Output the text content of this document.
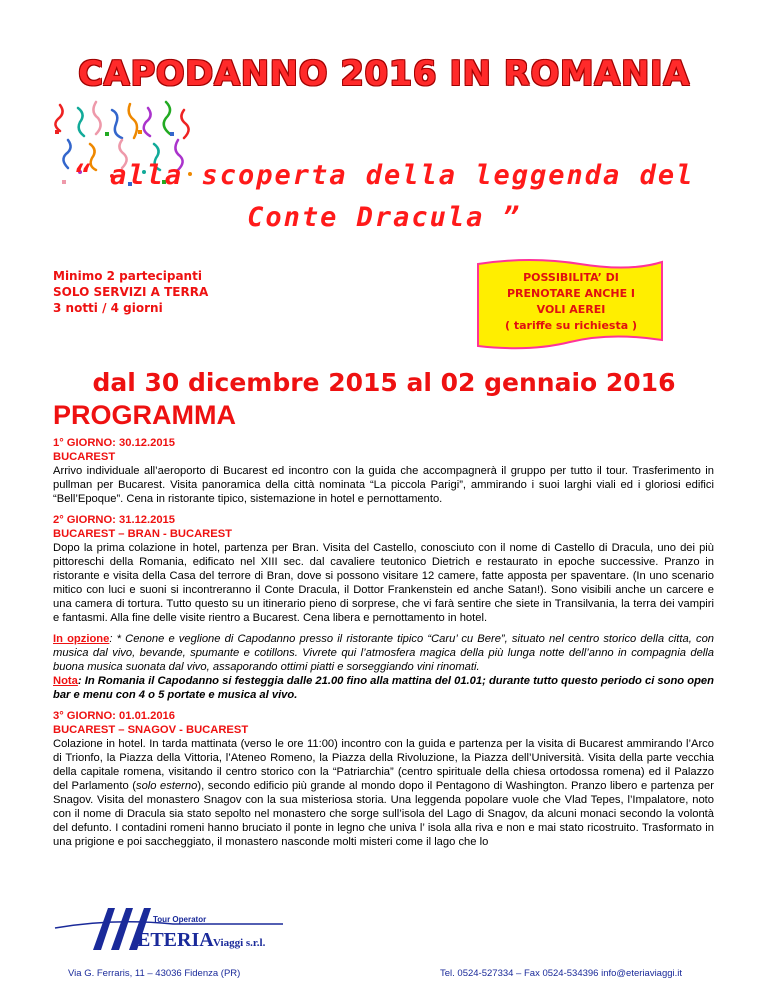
CAPODANNO 2016 IN ROMANIA
“ alla scoperta della leggenda del
Conte Dracula ”
Minimo 2 partecipanti
SOLO SERVIZI A TERRA
3 notti / 4 giorni
POSSIBILITA’ DI
PRENOTARE ANCHE I
VOLI AEREI
( tariffe su richiesta )
dal 30 dicembre 2015 al 02 gennaio 2016
PROGRAMMA
1° GIORNO: 30.12.2015
BUCAREST

Arrivo individuale all’aeroporto di Bucarest ed incontro con la guida che accompagnerà il gruppo per tutto il tour. Trasferimento in pullman per Bucarest. Visita panoramica della città nominata “La piccola Parigi”, ammirando i suoi larghi viali ed i gloriosi edifici “Bell’Epoque”. Cena in ristorante tipico, sistemazione in hotel e pernottamento.

2° GIORNO: 31.12.2015
BUCAREST – BRAN - BUCAREST

Dopo la prima colazione in hotel, partenza per Bran. Visita del Castello, conosciuto con il nome di Castello di Dracula, uno dei più pittoreschi della Romania, edificato nel XIII sec. dal cavaliere teutonico Dietrich e restaurato in epoche successive. Pranzo in ristorante e visita della Casa del terrore di Bran, dove si possono visitare 12 camere, fatte apposta per spaventare. (In uno scenario mitico con luci e suoni si incontreranno il Conte Dracula, il Dottor Frankenstein ed anche Satan!). Sono visibili anche un carcere e una camera di tortura. Tutto questo su un itinerario pieno di sorprese, che vi farà sentire che siete in Transilvania, la terra dei vampiri e fantasmi. Alla fine delle visite rientro a Bucarest. Cena libera e pernottamento in hotel.

In opzione: * Cenone e veglione di Capodanno presso il ristorante tipico “Caru’ cu Bere”, situato nel centro storico della citta, con musica dal vivo, bevande, spumante e cotillons. Vivrete qui l’atmosfera magica della più lunga notte dell’anno in compagnia della buona musica suonata dal vivo, assaporando ottimi piatti e sorseggiando vini rinomati.

Nota: In Romania il Capodanno si festeggia dalle 21.00 fino alla mattina del 01.01; durante tutto questo periodo ci sono open bar e menu con 4 o 5 portate e musica al vivo.

3° GIORNO: 01.01.2016
BUCAREST – SNAGOV - BUCAREST

Colazione in hotel. In tarda mattinata (verso le ore 11:00) incontro con la guida e partenza per la visita di Bucarest ammirando l’Arco di Trionfo, la Piazza della Vittoria, l’Ateneo Romeno, la Piazza della Rivoluzione, la Piazza dell’Università. Visita della parte vecchia della capitale romena, visitando il centro storico con la “Patriarchia” (centro spirituale della chiesa ortodossa romena) ed il Palazzo del Parlamento (solo esterno), secondo edificio più grande al mondo dopo il Pentagono di Washington. Pranzo libero e partenza per Snagov. Visita del monastero Snagov con la sua misteriosa storia. Una leggenda popolare vuole che Vlad Tepes, l’Impalatore, noto con il nome di Dracula sia stato sepolto nel monastero che sorge sull’isola del Lago di Snagov, da alcuni monaci secondo la volontà del defunto. I contadini romeni hanno bruciato il ponte in legno che univa l’ isola alla riva e non e mai stato ricostruito. Trasformato in una prigione e poi saccheggiato, il monastero nasconde molti misteri come il lago che lo

Tour Operator
ETERIA Viaggi s.r.l.
Via G. Ferraris, 11 – 43036 Fidenza (PR)	Tel. 0524-527334 – Fax 0524-534396 info@eteriaviaggi.it
